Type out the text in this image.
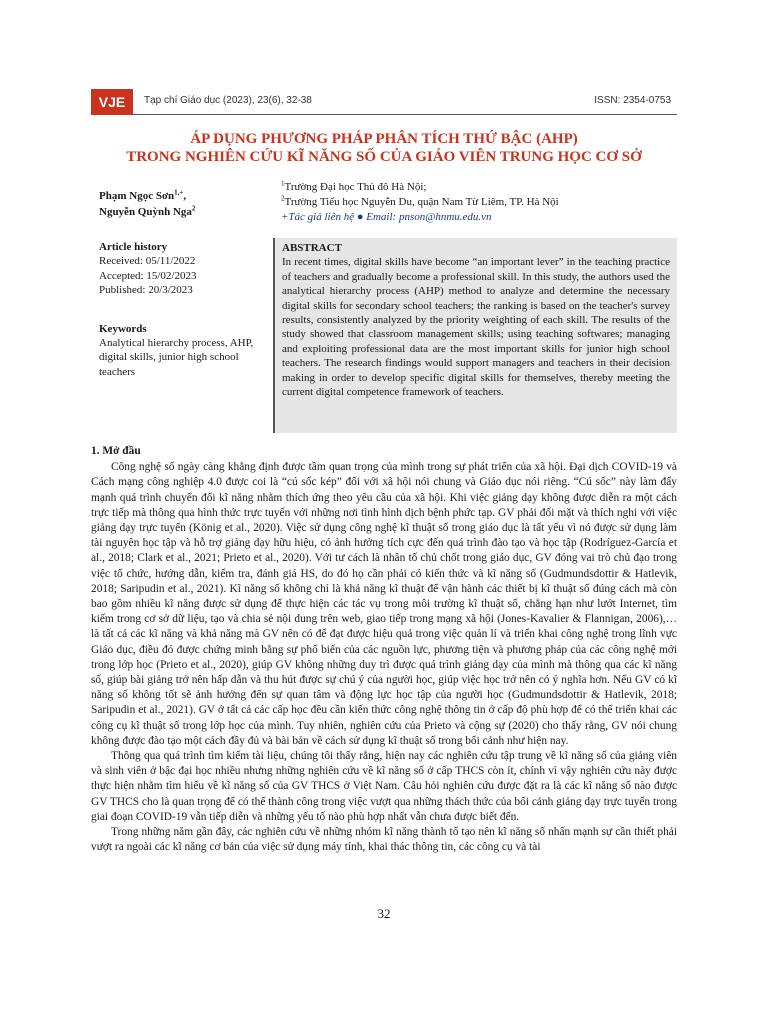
VJE	Tạp chí Giáo dục (2023), 23(6), 32-38	ISSN: 2354-0753
ÁP DỤNG PHƯƠNG PHÁP PHÂN TÍCH THỨ BẬC (AHP)
TRONG NGHIÊN CỨU KĨ NĂNG SỐ CỦA GIÁO VIÊN TRUNG HỌC CƠ SỞ
Phạm Ngọc Sơn$^{1,+}$,
Nguyễn Quỳnh Nga$^2$
$^1$Trường Đại học Thủ đô Hà Nội;
$^2$Trường Tiểu học Nguyễn Du, quận Nam Từ Liêm, TP. Hà Nội
+Tác giả liên hệ ● Email: pnson@hnmu.edu.vn
Article history
Received: 05/11/2022
Accepted: 15/02/2023
Published: 20/3/2023
Keywords
Analytical hierarchy process, AHP, digital skills, junior high school teachers
ABSTRACT
In recent times, digital skills have become “an important lever” in the teaching practice of teachers and gradually become a professional skill. In this study, the authors used the analytical hierarchy process (AHP) method to analyze and determine the necessary digital skills for secondary school teachers; the ranking is based on the teacher's survey results, consistently analyzed by the priority weighting of each skill. The results of the study showed that classroom management skills; using teaching softwares; managing and exploiting professional data are the most important skills for junior high school teachers. The research findings would support managers and teachers in their decision making in order to develop specific digital skills for themselves, thereby meeting the current digital competence framework of teachers.
1. Mở đầu

Công nghệ số ngày càng khẳng định được tầm quan trọng của mình trong sự phát triển của xã hội. Đại dịch COVID-19 và Cách mạng công nghiệp 4.0 được coi là “cú sốc kép” đối với xã hội nói chung và Giáo dục nói riêng. “Cú sốc” này làm đẩy mạnh quá trình chuyển đổi kĩ năng nhằm thích ứng theo yêu cầu của xã hội. Khi việc giảng dạy không được diễn ra một cách trực tiếp mà thông qua hình thức trực tuyến với những nơi tình hình dịch bệnh phức tạp. GV phải đối mặt và thích nghi với việc giảng dạy trực tuyến (König et al., 2020). Việc sử dụng công nghệ kĩ thuật số trong giáo dục là tất yếu vì nó được sử dụng làm tài nguyên học tập và hỗ trợ giảng dạy hữu hiệu, có ảnh hưởng tích cực đến quá trình đào tạo và học tập (Rodríguez-García et al., 2018; Clark et al., 2021; Prieto et al., 2020). Với tư cách là nhân tố chủ chốt trong giáo dục, GV đóng vai trò chủ đạo trong việc tổ chức, hướng dẫn, kiểm tra, đánh giá HS, do đó họ cần phải có kiến thức và kĩ năng số (Gudmundsdottir & Hatlevik, 2018; Saripudin et al., 2021). Kĩ năng số không chỉ là khả năng kĩ thuật để vận hành các thiết bị kĩ thuật số đúng cách mà còn bao gồm nhiều kĩ năng được sử dụng để thực hiện các tác vụ trong môi trường kĩ thuật số, chẳng hạn như lướt Internet, tìm kiếm trong cơ sở dữ liệu, tạo và chia sẻ nội dung trên web, giao tiếp trong mạng xã hội (Jones-Kavalier & Flannigan, 2006),… là tất cả các kĩ năng và khả năng mà GV nên có để đạt được hiệu quả trong việc quản lí và triển khai công nghệ trong lĩnh vực Giáo dục, điều đó được chứng minh bằng sự phổ biến của các nguồn lực, phương tiện và phương pháp của các công nghệ mới trong lớp học (Prieto et al., 2020), giúp GV không những duy trì được quá trình giảng dạy của mình mà thông qua các kĩ năng số, giúp bài giảng trở nên hấp dẫn và thu hút được sự chú ý của người học, giúp việc học trở nên có ý nghĩa hơn. Nếu GV có kĩ năng số không tốt sẽ ảnh hưởng đến sự quan tâm và động lực học tập của người học (Gudmundsdottir & Hatlevik, 2018; Saripudin et al., 2021). GV ở tất cả các cấp học đều cần kiến thức công nghệ thông tin ở cấp độ phù hợp để có thể triển khai các công cụ kĩ thuật số trong lớp học của mình. Tuy nhiên, nghiên cứu của Prieto và cộng sự (2020) cho thấy rằng, GV nói chung không được đào tạo một cách đầy đủ và bài bản về cách sử dụng kĩ thuật số trong bối cảnh như hiện nay.

Thông qua quá trình tìm kiếm tài liệu, chúng tôi thấy rằng, hiện nay các nghiên cứu tập trung về kĩ năng số của giảng viên và sinh viên ở bậc đại học nhiều nhưng những nghiên cứu về kĩ năng số ở cấp THCS còn ít, chính vì vậy nghiên cứu này được thực hiện nhằm tìm hiểu về kĩ năng số của GV THCS ở Việt Nam. Câu hỏi nghiên cứu được đặt ra là các kĩ năng số nào được GV THCS cho là quan trọng để có thể thành công trong việc vượt qua những thách thức của bối cảnh giảng dạy trực tuyến trong giai đoạn COVID-19 vẫn tiếp diễn và những yếu tố nào phù hợp nhất vẫn chưa được biết đến.

Trong những năm gần đây, các nghiên cứu về những nhóm kĩ năng thành tố tạo nên kĩ năng số nhấn mạnh sự cần thiết phải vượt ra ngoài các kĩ năng cơ bản của việc sử dụng máy tính, khai thác thông tin, các công cụ và tài

32
